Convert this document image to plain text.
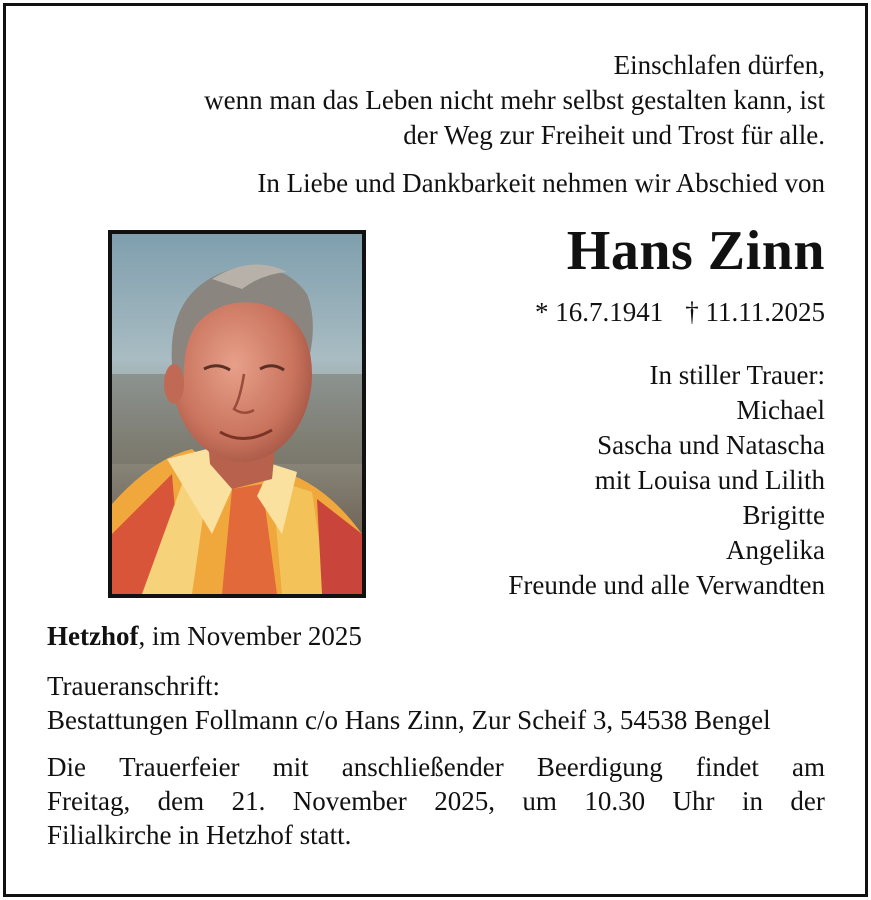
Einschlafen dürfen,
wenn man das Leben nicht mehr selbst gestalten kann, ist
der Weg zur Freiheit und Trost für alle.
In Liebe und Dankbarkeit nehmen wir Abschied von
Hans Zinn
* 16.7.1941 † 11.11.2025
In stiller Trauer:
Michael
Sascha und Natascha
mit Louisa und Lilith
Brigitte
Angelika
Freunde und alle Verwandten
Hetzhof, im November 2025
Traueranschrift:
Bestattungen Follmann c/o Hans Zinn, Zur Scheif 3, 54538 Bengel
Die Trauerfeier mit anschließender Beerdigung findet am
Freitag, dem 21. November 2025, um 10.30 Uhr in der
Filialkirche in Hetzhof statt.
